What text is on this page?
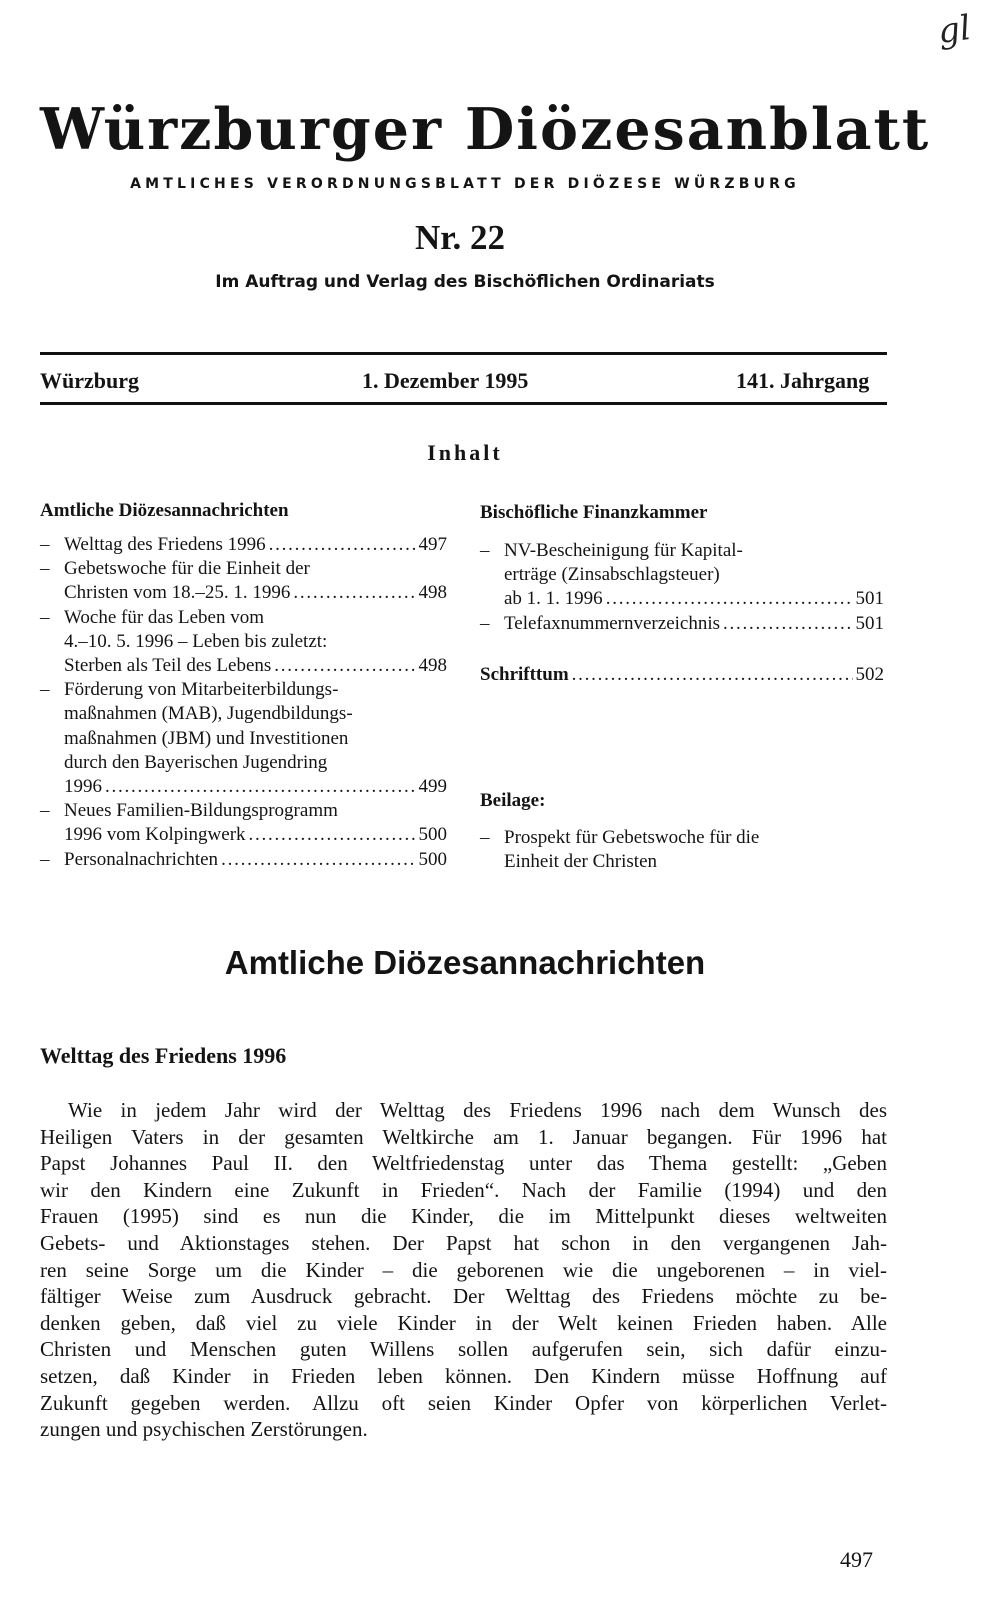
gl
Würzburger Diözesanblatt
AMTLICHES VERORDNUNGSBLATT DER DIÖZESE WÜRZBURG
Nr. 22
Im Auftrag und Verlag des Bischöflichen Ordinariats
Würzburg	1. Dezember 1995	141. Jahrgang
Inhalt
Amtliche Diözesannachrichten
– Welttag des Friedens 1996 . . .	497
– Gebetswoche für die Einheit der
Christen vom 18.–25. 1. 1996 . . .	498
– Woche für das Leben vom
4.–10. 5. 1996 – Leben bis zuletzt:
Sterben als Teil des Lebens . . .	498
– Förderung von Mitarbeiterbildungs-
maßnahmen (MAB), Jugendbildungs-
maßnahmen (JBM) und Investitionen
durch den Bayerischen Jugendring
1996 . . .	499
– Neues Familien-Bildungsprogramm
1996 vom Kolpingwerk . . .	500
– Personalnachrichten . . .	500
Bischöfliche Finanzkammer
– NV-Bescheinigung für Kapital-
erträge (Zinsabschlagsteuer)
ab 1. 1. 1996 . . .	501
– Telefaxnummernverzeichnis . . .	501
Schrifttum . . .	502
Beilage:
– Prospekt für Gebetswoche für die
Einheit der Christen
Amtliche Diözesannachrichten
Welttag des Friedens 1996
Wie in jedem Jahr wird der Welttag des Friedens 1996 nach dem Wunsch des
Heiligen Vaters in der gesamten Weltkirche am 1. Januar begangen. Für 1996 hat
Papst Johannes Paul II. den Weltfriedenstag unter das Thema gestellt: „Geben
wir den Kindern eine Zukunft in Frieden“. Nach der Familie (1994) und den
Frauen (1995) sind es nun die Kinder, die im Mittelpunkt dieses weltweiten
Gebets- und Aktionstages stehen. Der Papst hat schon in den vergangenen Jah-
ren seine Sorge um die Kinder – die geborenen wie die ungeborenen – in viel-
fältiger Weise zum Ausdruck gebracht. Der Welttag des Friedens möchte zu be-
denken geben, daß viel zu viele Kinder in der Welt keinen Frieden haben. Alle
Christen und Menschen guten Willens sollen aufgerufen sein, sich dafür einzu-
setzen, daß Kinder in Frieden leben können. Den Kindern müsse Hoffnung auf
Zukunft gegeben werden. Allzu oft seien Kinder Opfer von körperlichen Verlet-
zungen und psychischen Zerstörungen.
497
